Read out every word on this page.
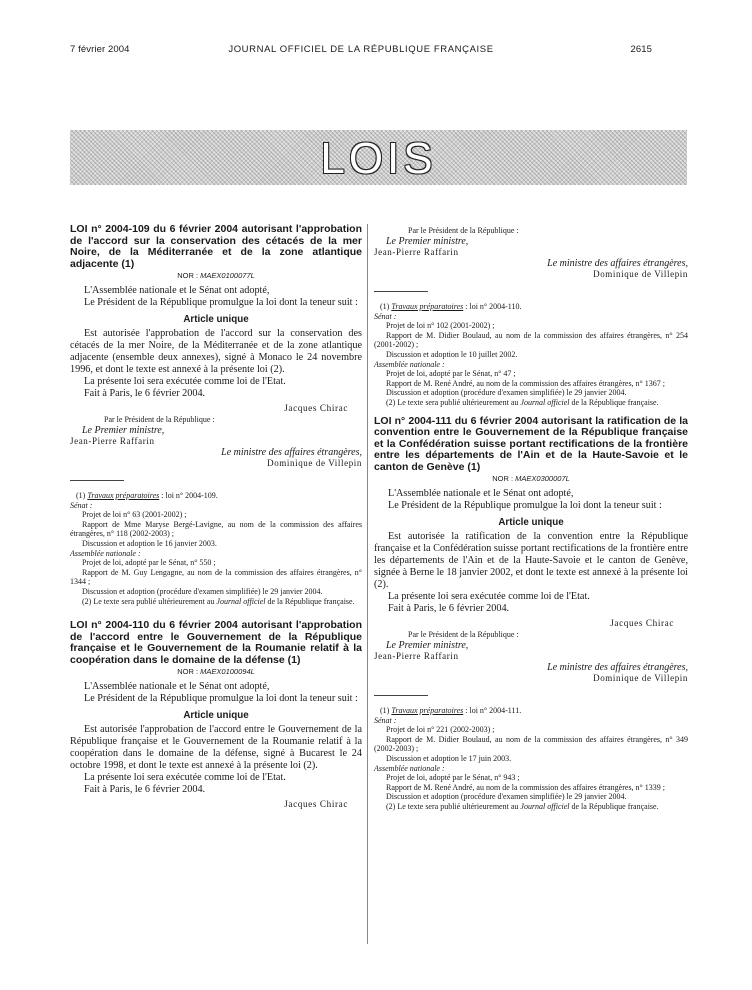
7 février 2004	JOURNAL OFFICIEL DE LA RÉPUBLIQUE FRANÇAISE	2615
LOIS
LOI n° 2004-109 du 6 février 2004 autorisant l'approbation de l'accord sur la conservation des cétacés de la mer Noire, de la Méditerranée et de la zone atlantique adjacente (1)
NOR : MAEX0100077L

L'Assemblée nationale et le Sénat ont adopté,

Le Président de la République promulgue la loi dont la teneur suit :

Article unique

Est autorisée l'approbation de l'accord sur la conservation des cétacés de la mer Noire, de la Méditerranée et de la zone atlantique adjacente (ensemble deux annexes), signé à Monaco le 24 novembre 1996, et dont le texte est annexé à la présente loi (2).

La présente loi sera exécutée comme loi de l'Etat.

Fait à Paris, le 6 février 2004.

Jacques Chirac
Par le Président de la République :
Le Premier ministre,
Jean-Pierre Raffarin
Le ministre des affaires étrangères,
Dominique de Villepin

(1) Travaux préparatoires : loi n° 2004-109.

Sénat :

Projet de loi n° 63 (2001-2002) ;

Rapport de Mme Maryse Bergé-Lavigne, au nom de la commission des affaires étrangères, n° 118 (2002-2003) ;

Discussion et adoption le 16 janvier 2003.

Assemblée nationale :

Projet de loi, adopté par le Sénat, n° 550 ;

Rapport de M. Guy Lengagne, au nom de la commission des affaires étrangères, n° 1344 ;

Discussion et adoption (procédure d'examen simplifiée) le 29 janvier 2004.

(2) Le texte sera publié ultérieurement au Journal officiel de la République française.

LOI n° 2004-110 du 6 février 2004 autorisant l'approbation de l'accord entre le Gouvernement de la République française et le Gouvernement de la Roumanie relatif à la coopération dans le domaine de la défense (1)
NOR : MAEX0100094L

L'Assemblée nationale et le Sénat ont adopté,

Le Président de la République promulgue la loi dont la teneur suit :

Article unique

Est autorisée l'approbation de l'accord entre le Gouvernement de la République française et le Gouvernement de la Roumanie relatif à la coopération dans le domaine de la défense, signé à Bucarest le 24 octobre 1998, et dont le texte est annexé à la présente loi (2).

La présente loi sera exécutée comme loi de l'Etat.

Fait à Paris, le 6 février 2004.

Jacques Chirac
Par le Président de la République :
Le Premier ministre,
Jean-Pierre Raffarin
Le ministre des affaires étrangères,
Dominique de Villepin

(1) Travaux préparatoires : loi n° 2004-110.

Sénat :

Projet de loi n° 102 (2001-2002) ;

Rapport de M. Didier Boulaud, au nom de la commission des affaires étrangères, n° 254 (2001-2002) ;

Discussion et adoption le 10 juillet 2002.

Assemblée nationale :

Projet de loi, adopté par le Sénat, n° 47 ;

Rapport de M. René André, au nom de la commission des affaires étrangères, n° 1367 ;

Discussion et adoption (procédure d'examen simplifiée) le 29 janvier 2004.

(2) Le texte sera publié ultérieurement au Journal officiel de la République française.

LOI n° 2004-111 du 6 février 2004 autorisant la ratification de la convention entre le Gouvernement de la République française et la Confédération suisse portant rectifications de la frontière entre les départements de l'Ain et de la Haute-Savoie et le canton de Genève (1)
NOR : MAEX0300007L

L'Assemblée nationale et le Sénat ont adopté,

Le Président de la République promulgue la loi dont la teneur suit :

Article unique

Est autorisée la ratification de la convention entre la République française et la Confédération suisse portant rectifications de la frontière entre les départements de l'Ain et de la Haute-Savoie et le canton de Genève, signée à Berne le 18 janvier 2002, et dont le texte est annexé à la présente loi (2).

La présente loi sera exécutée comme loi de l'Etat.

Fait à Paris, le 6 février 2004.

Jacques Chirac
Par le Président de la République :
Le Premier ministre,
Jean-Pierre Raffarin
Le ministre des affaires étrangères,
Dominique de Villepin

(1) Travaux préparatoires : loi n° 2004-111.

Sénat :

Projet de loi n° 221 (2002-2003) ;

Rapport de M. Didier Boulaud, au nom de la commission des affaires étrangères, n° 349 (2002-2003) ;

Discussion et adoption le 17 juin 2003.

Assemblée nationale :

Projet de loi, adopté par le Sénat, n° 943 ;

Rapport de M. René André, au nom de la commission des affaires étrangères, n° 1339 ;

Discussion et adoption (procédure d'examen simplifiée) le 29 janvier 2004.

(2) Le texte sera publié ultérieurement au Journal officiel de la République française.
